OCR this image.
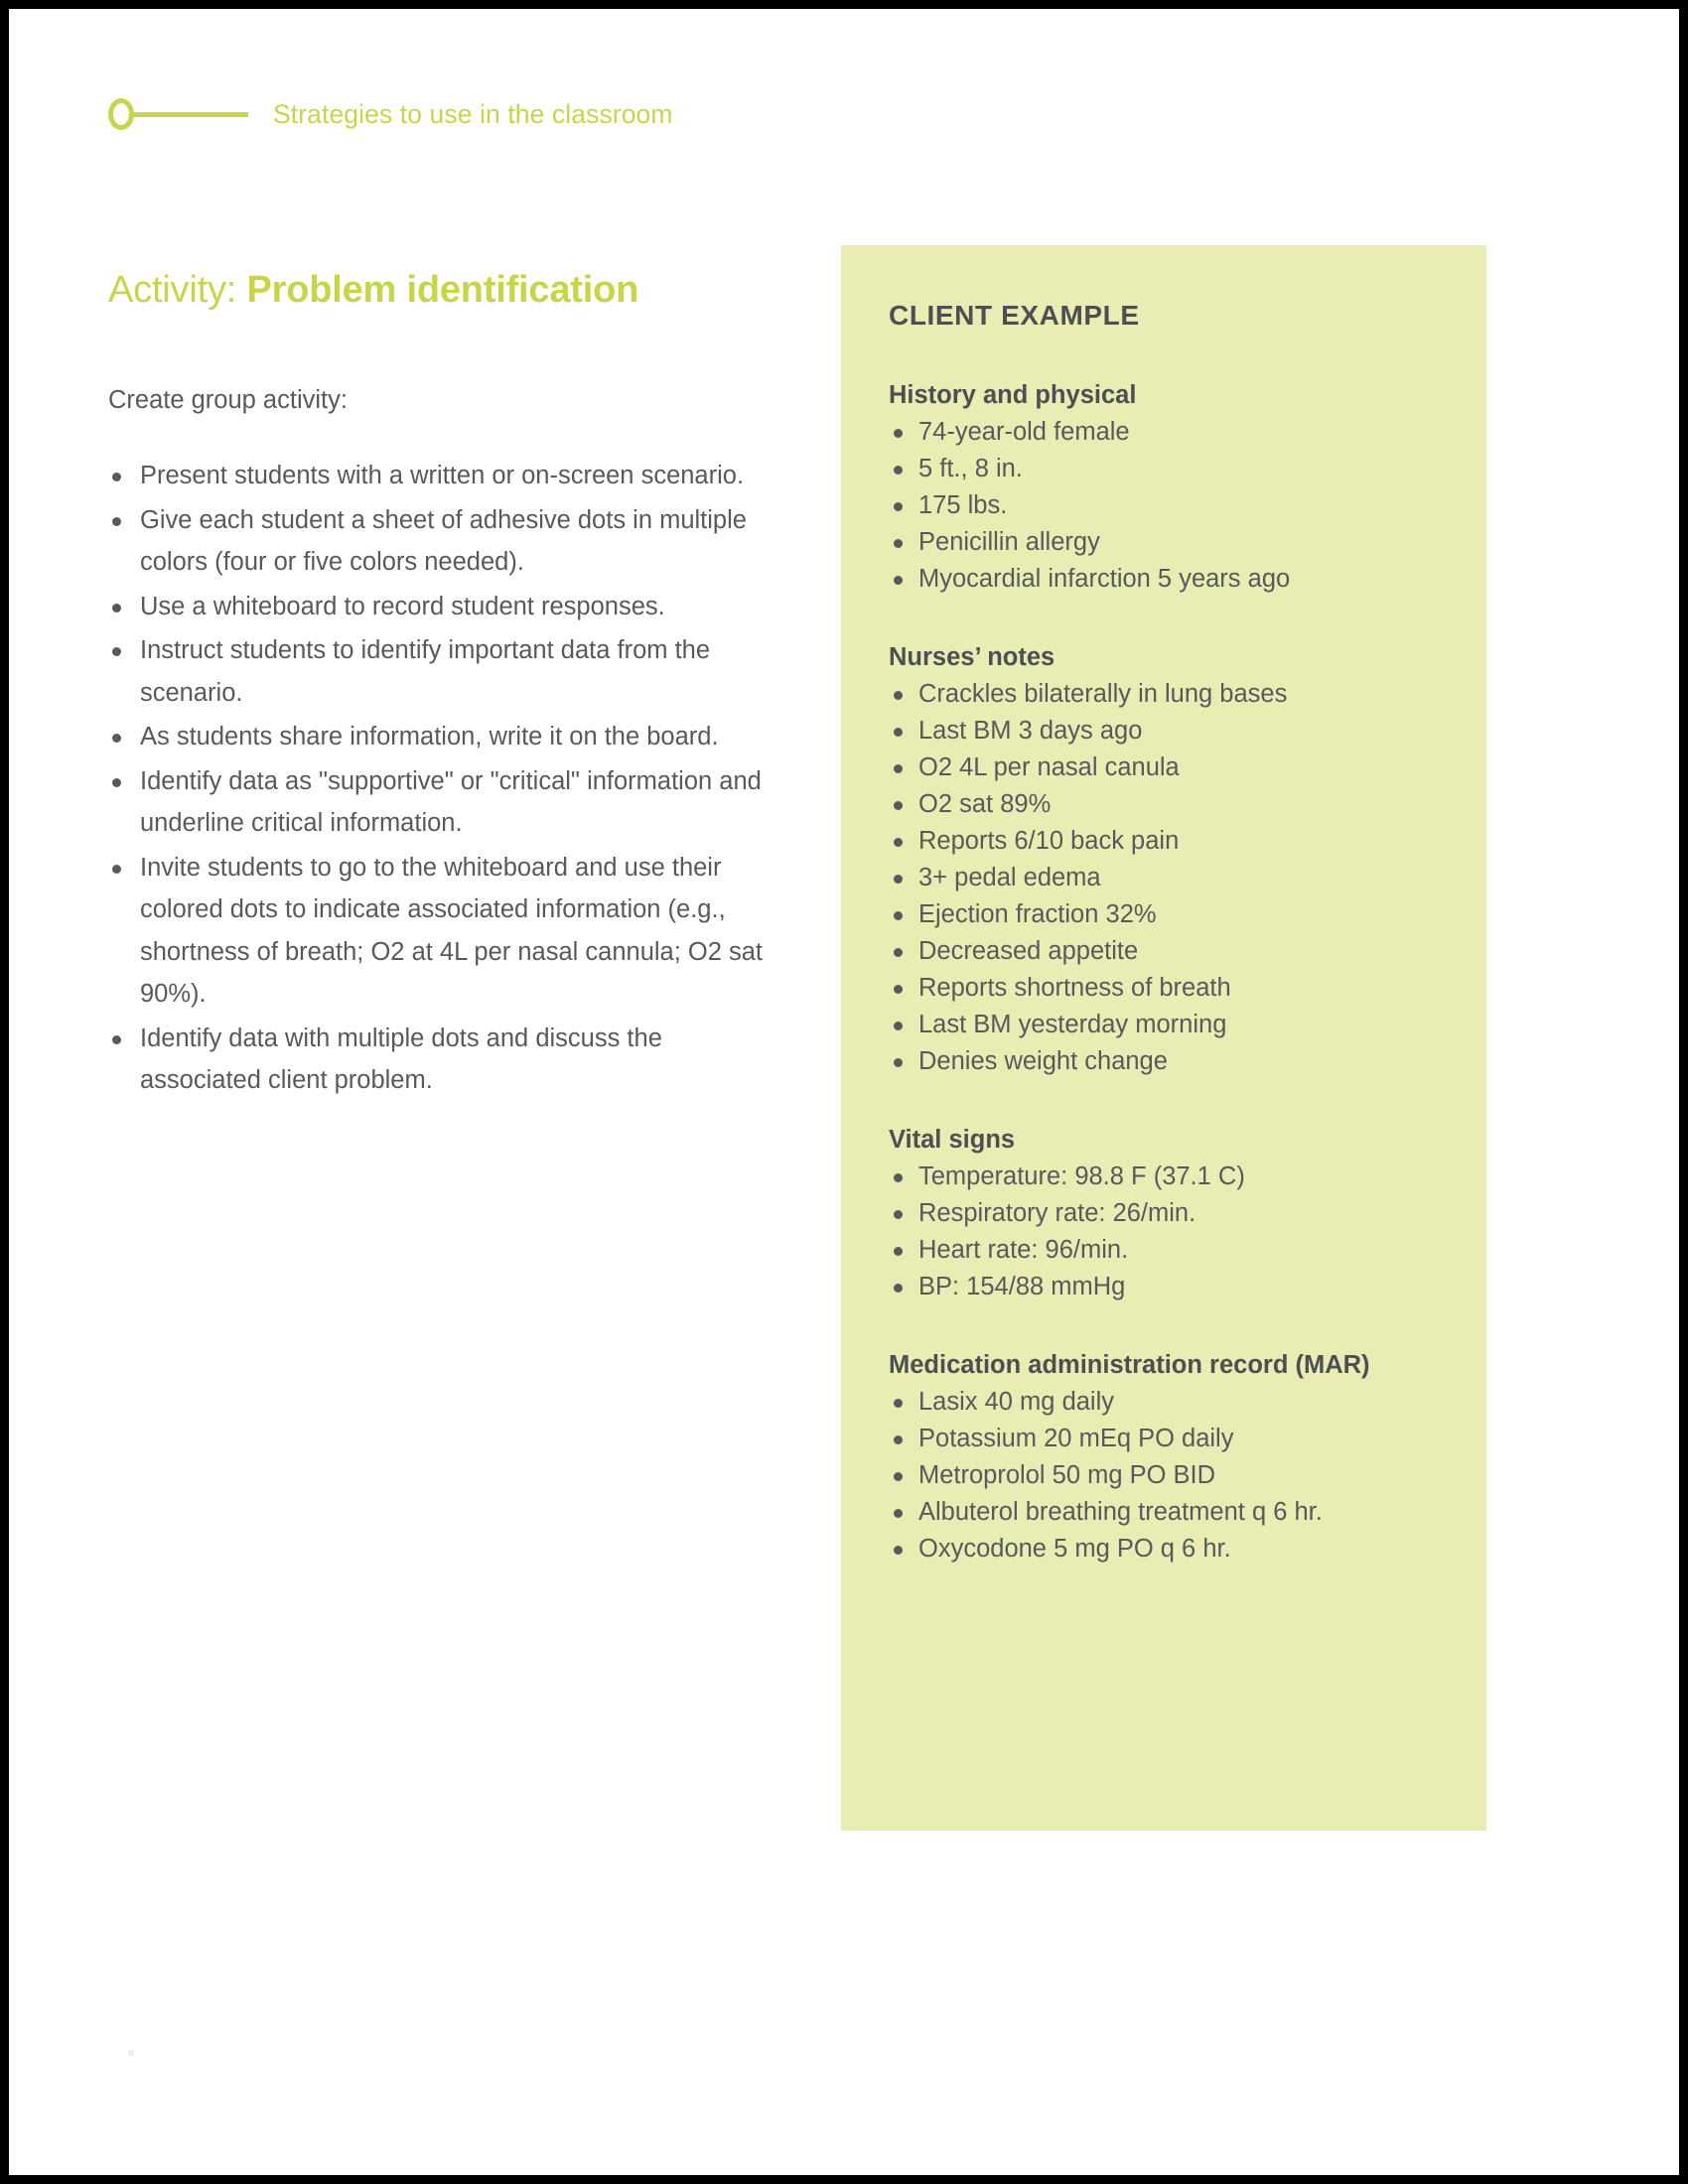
Strategies to use in the classroom
Activity: Problem identification

Create group activity:

Present students with a written or on-screen scenario.
Give each student a sheet of adhesive dots in multiple colors (four or five colors needed).
Use a whiteboard to record student responses.
Instruct students to identify important data from the scenario.
As students share information, write it on the board.
Identify data as "supportive" or "critical" information and underline critical information.
Invite students to go to the whiteboard and use their colored dots to indicate associated information (e.g., shortness of breath; O2 at 4L per nasal cannula; O2 sat 90%).
Identify data with multiple dots and discuss the associated client problem.
CLIENT EXAMPLE
History and physical
74-year-old female
5 ft., 8 in.
175 lbs.
Penicillin allergy
Myocardial infarction 5 years ago
Nurses’ notes
Crackles bilaterally in lung bases
Last BM 3 days ago
O2 4L per nasal canula
O2 sat 89%
Reports 6/10 back pain
3+ pedal edema
Ejection fraction 32%
Decreased appetite
Reports shortness of breath
Last BM yesterday morning
Denies weight change
Vital signs
Temperature: 98.8 F (37.1 C)
Respiratory rate: 26/min.
Heart rate: 96/min.
BP: 154/88 mmHg
Medication administration record (MAR)
Lasix 40 mg daily
Potassium 20 mEq PO daily
Metroprolol 50 mg PO BID
Albuterol breathing treatment q 6 hr.
Oxycodone 5 mg PO q 6 hr.
